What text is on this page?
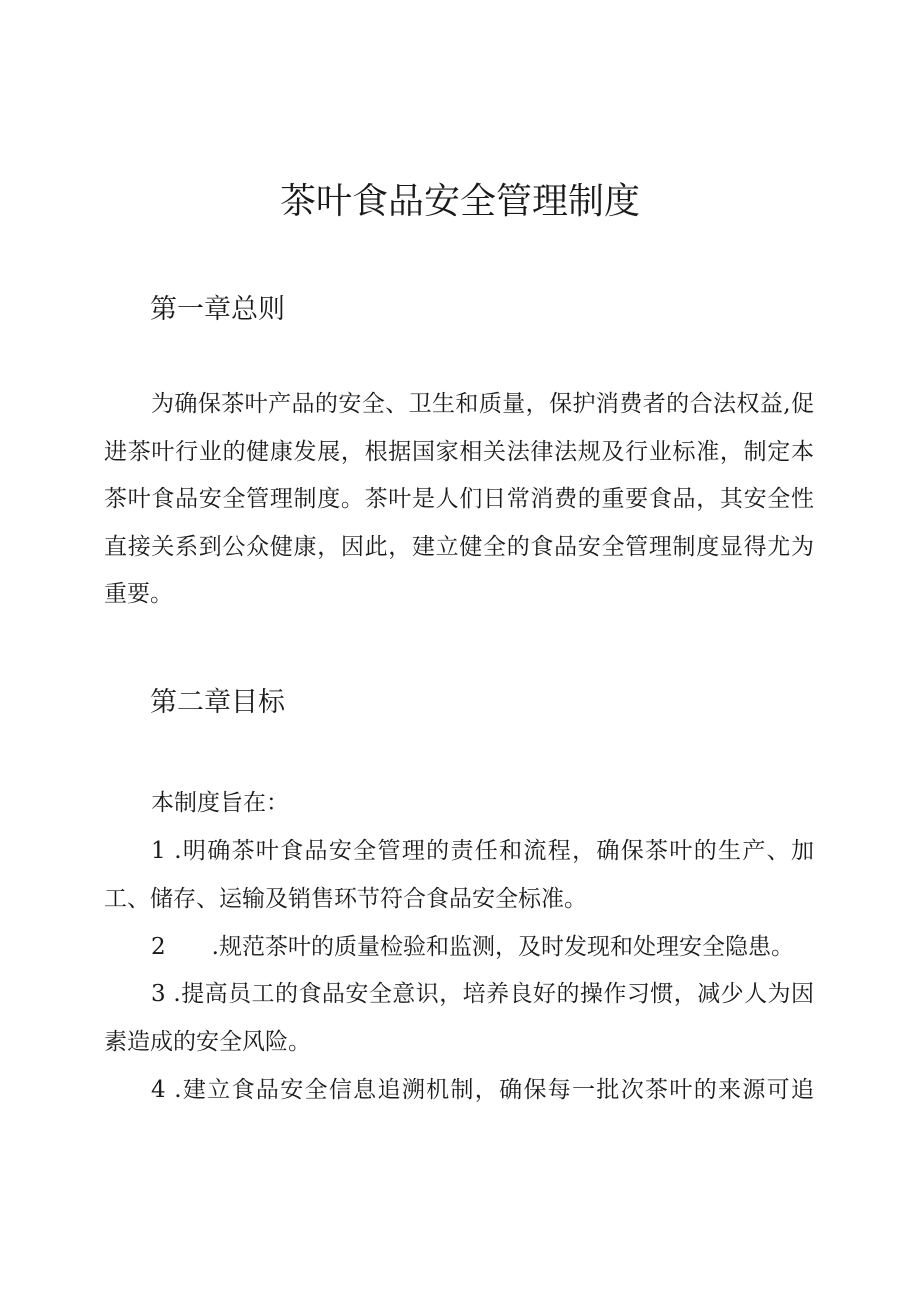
茶叶食品安全管理制度
第一章总则

为确保茶叶产品的安全、卫生和质量，保护消费者的合法权益,促
进茶叶行业的健康发展，根据国家相关法律法规及行业标准，制定本
茶叶食品安全管理制度。茶叶是人们日常消费的重要食品，其安全性
直接关系到公众健康，因此，建立健全的食品安全管理制度显得尤为
重要。

第二章目标

本制度旨在：

1 .明确茶叶食品安全管理的责任和流程，确保茶叶的生产、加
工、储存、运输及销售环节符合食品安全标准。

2 .规范茶叶的质量检验和监测，及时发现和处理安全隐患。

3 .提高员工的食品安全意识，培养良好的操作习惯，减少人为因
素造成的安全风险。

4 .建立食品安全信息追溯机制，确保每一批次茶叶的来源可追
